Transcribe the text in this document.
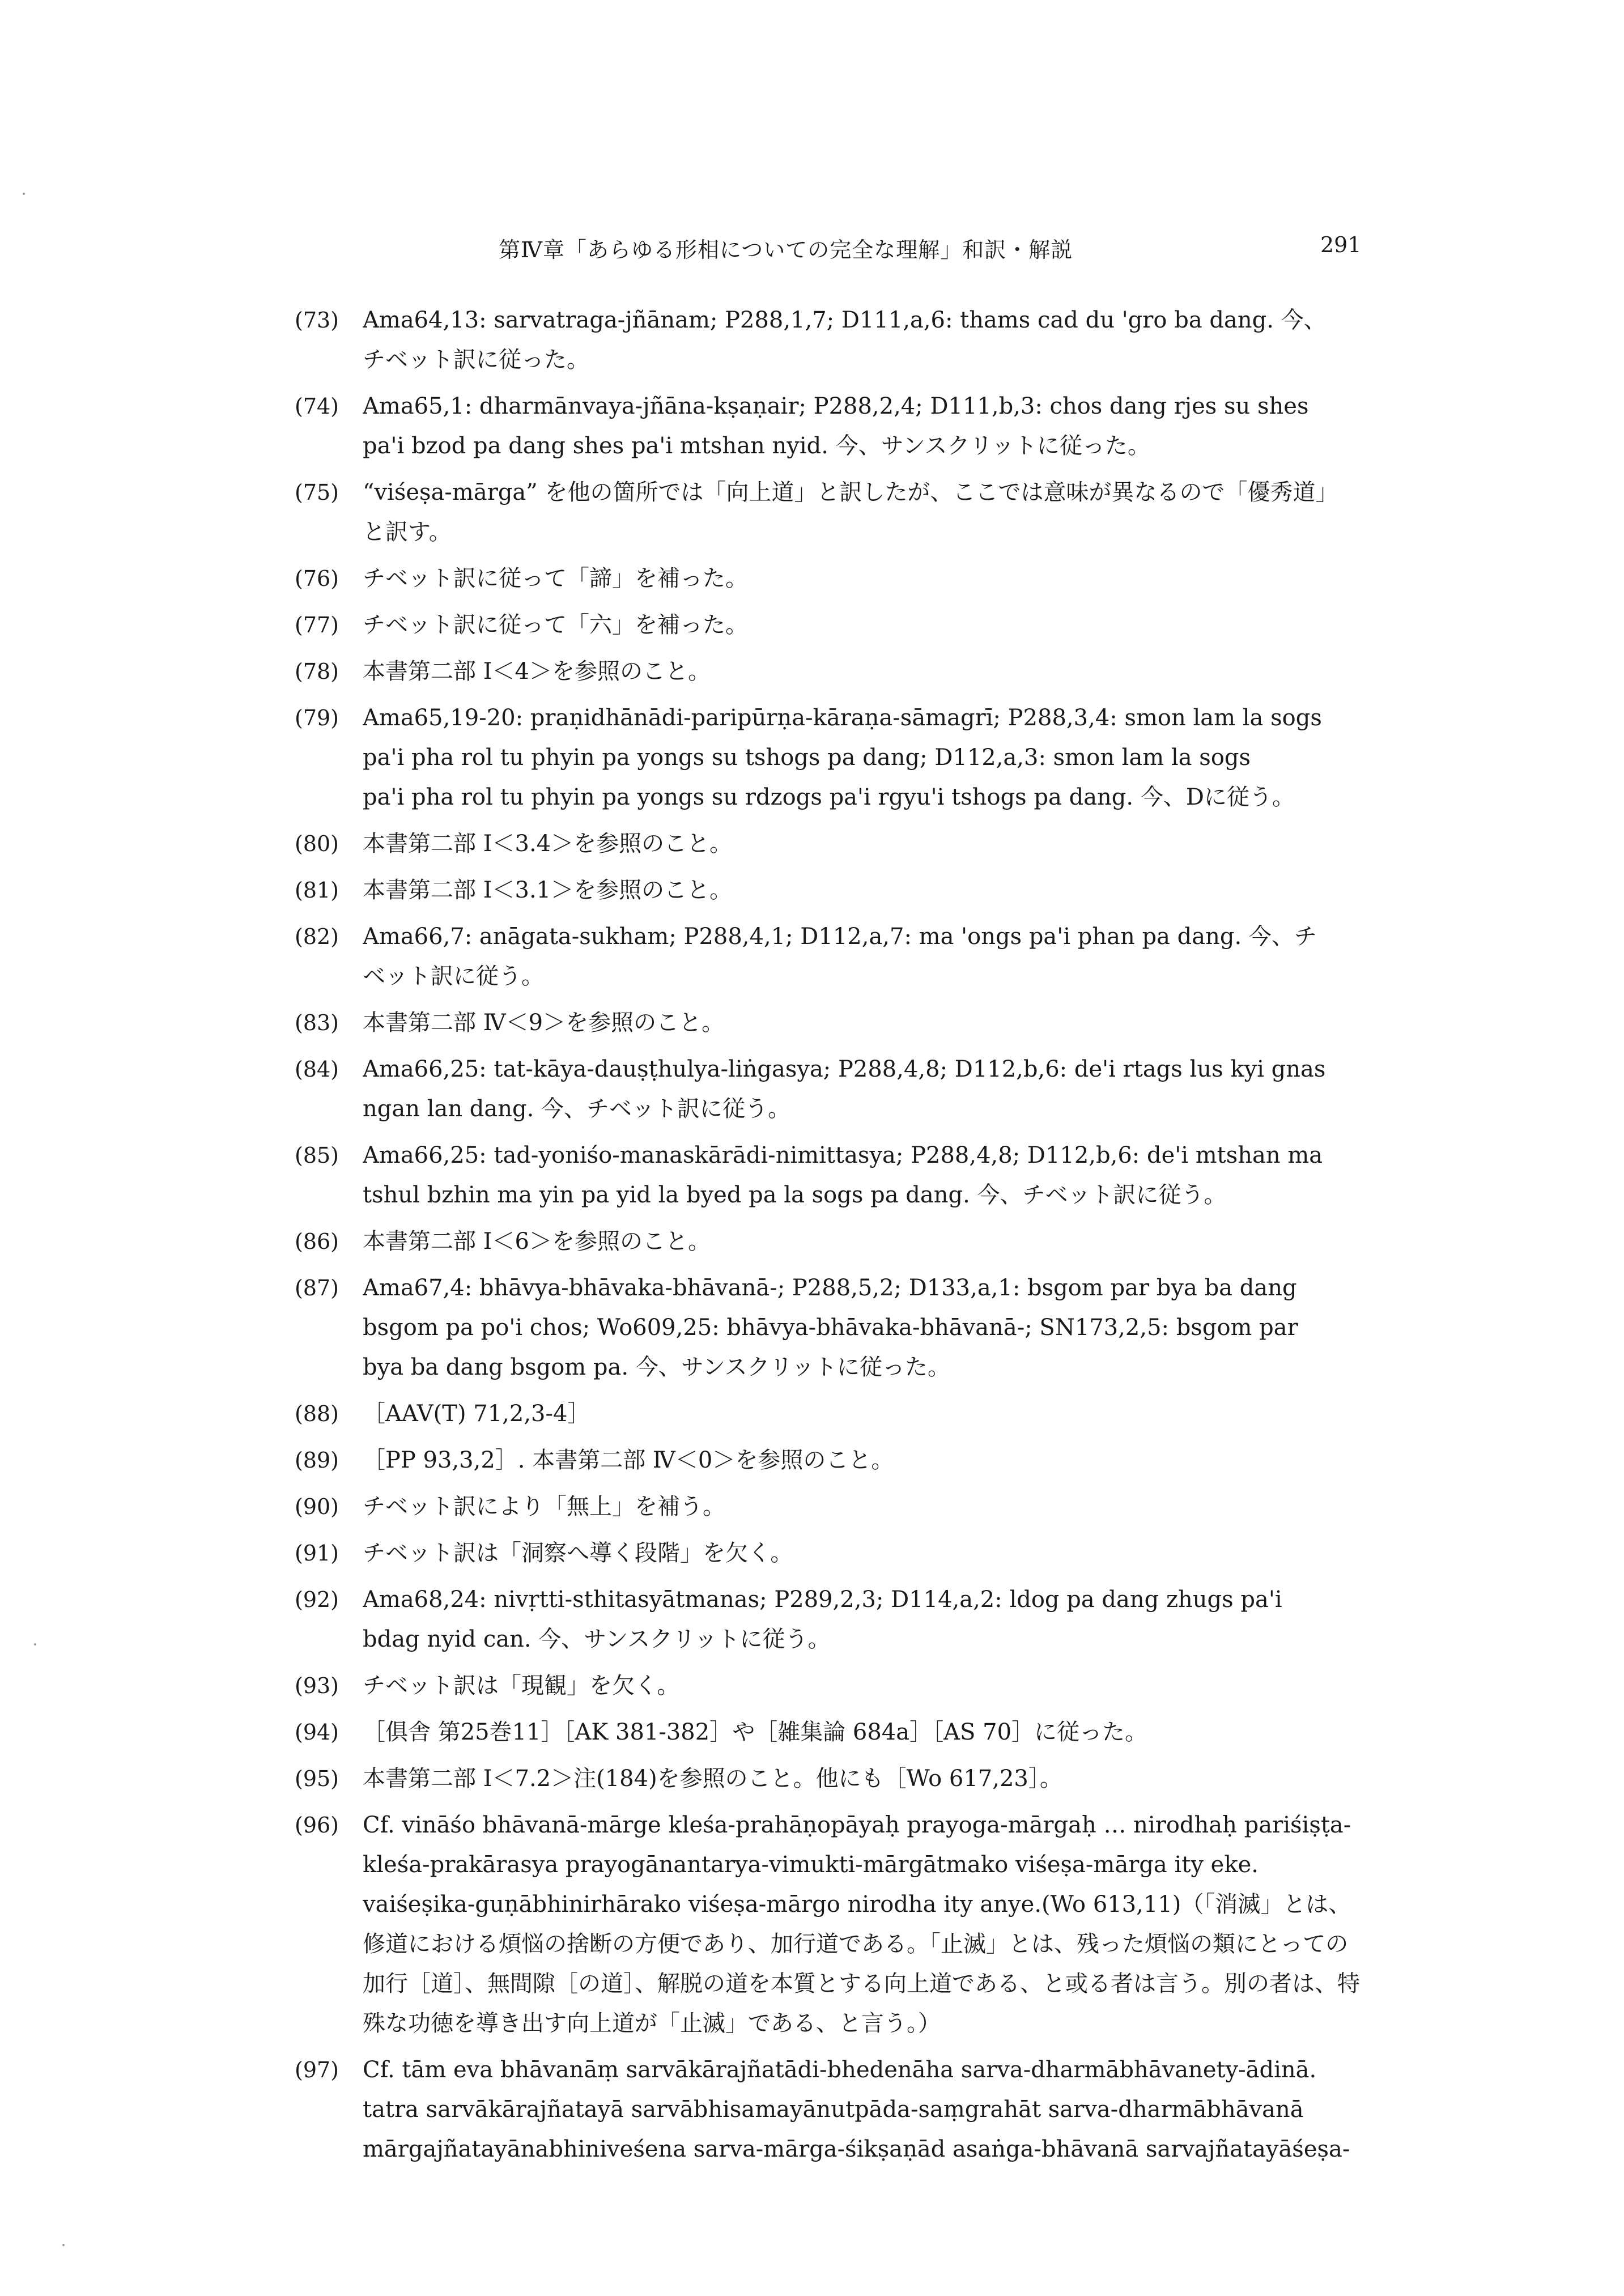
第Ⅳ章「あらゆる形相についての完全な理解」和訳・解説	291
(73) Ama64,13: sarvatraga-jñānam; P288,1,7; D111,a,6: thams cad du 'gro ba dang. 今、
チベット訳に従った。
(74) Ama65,1: dharmānvaya-jñāna-kṣaṇair; P288,2,4; D111,b,3: chos dang rjes su shes
pa'i bzod pa dang shes pa'i mtshan nyid. 今、サンスクリットに従った。
(75) “viśeṣa-mārga” を他の箇所では「向上道」と訳したが、ここでは意味が異なるので「優秀道」
と訳す。
(76) チベット訳に従って「諦」を補った。
(77) チベット訳に従って「六」を補った。
(78) 本書第二部 Ⅰ＜4＞を参照のこと。
(79) Ama65,19-20: praṇidhānādi-paripūrṇa-kāraṇa-sāmagrī; P288,3,4: smon lam la sogs
pa'i pha rol tu phyin pa yongs su tshogs pa dang; D112,a,3: smon lam la sogs
pa'i pha rol tu phyin pa yongs su rdzogs pa'i rgyu'i tshogs pa dang. 今、Dに従う。
(80) 本書第二部 Ⅰ＜3.4＞を参照のこと。
(81) 本書第二部 Ⅰ＜3.1＞を参照のこと。
(82) Ama66,7: anāgata-sukham; P288,4,1; D112,a,7: ma 'ongs pa'i phan pa dang. 今、チ
ベット訳に従う。
(83) 本書第二部 Ⅳ＜9＞を参照のこと。
(84) Ama66,25: tat-kāya-dauṣṭhulya-liṅgasya; P288,4,8; D112,b,6: de'i rtags lus kyi gnas
ngan lan dang. 今、チベット訳に従う。
(85) Ama66,25: tad-yoniśo-manaskārādi-nimittasya; P288,4,8; D112,b,6: de'i mtshan ma
tshul bzhin ma yin pa yid la byed pa la sogs pa dang. 今、チベット訳に従う。
(86) 本書第二部 Ⅰ＜6＞を参照のこと。
(87) Ama67,4: bhāvya-bhāvaka-bhāvanā-; P288,5,2; D133,a,1: bsgom par bya ba dang
bsgom pa po'i chos; Wo609,25: bhāvya-bhāvaka-bhāvanā-; SN173,2,5: bsgom par
bya ba dang bsgom pa. 今、サンスクリットに従った。
(88) ［AAV(T) 71,2,3-4］
(89) ［PP 93,3,2］. 本書第二部 Ⅳ＜0＞を参照のこと。
(90) チベット訳により「無上」を補う。
(91) チベット訳は「洞察へ導く段階」を欠く。
(92) Ama68,24: nivṛtti-sthitasyātmanas; P289,2,3; D114,a,2: ldog pa dang zhugs pa'i
bdag nyid can. 今、サンスクリットに従う。
(93) チベット訳は「現観」を欠く。
(94) ［俱舎 第25巻11］［AK 381-382］や［雑集論 684a］［AS 70］に従った。
(95) 本書第二部 Ⅰ＜7.2＞注(184)を参照のこと。他にも［Wo 617,23］。
(96) Cf. vināśo bhāvanā-mārge kleśa-prahāṇopāyaḥ prayoga-mārgaḥ … nirodhaḥ pariśiṣṭa-
kleśa-prakārasya prayogānantarya-vimukti-mārgātmako viśeṣa-mārga ity eke.
vaiśeṣika-guṇābhinirhārako viśeṣa-mārgo nirodha ity anye.(Wo 613,11)（「消滅」とは、
修道における煩悩の捨断の方便であり、加行道である。「止滅」とは、残った煩悩の類にとっての
加行［道］、無間隙［の道］、解脱の道を本質とする向上道である、と或る者は言う。別の者は、特
殊な功徳を導き出す向上道が「止滅」である、と言う。）
(97) Cf. tām eva bhāvanāṃ sarvākārajñatādi-bhedenāha sarva-dharmābhāvanety-ādinā.
tatra sarvākārajñatayā sarvābhisamayānutpāda-saṃgrahāt sarva-dharmābhāvanā
mārgajñatayānabhiniveśena sarva-mārga-śikṣaṇād asaṅga-bhāvanā sarvajñatayāśeṣa-
